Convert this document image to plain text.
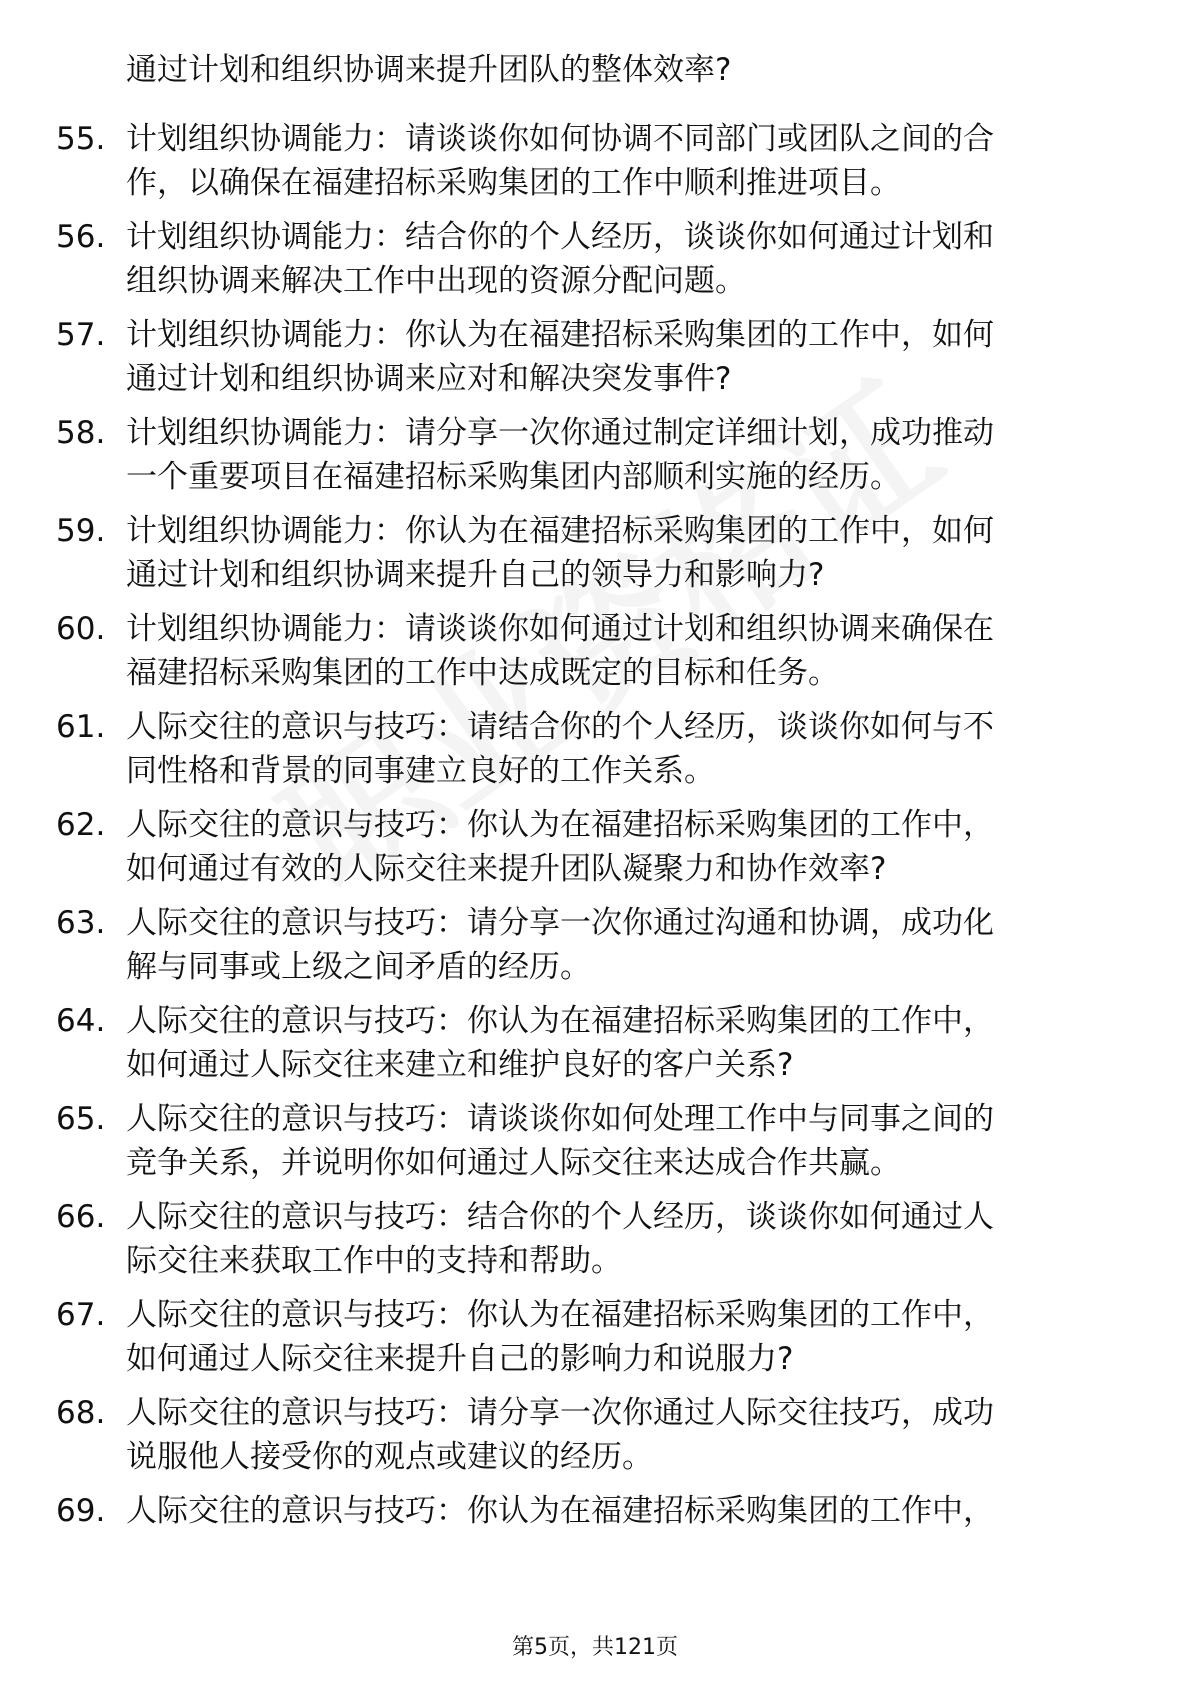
通过计划和组织协调来提升团队的整体效率?
55. 计划组织协调能力：请谈谈你如何协调不同部门或团队之间的合
作，以确保在福建招标采购集团的工作中顺利推进项目。
56. 计划组织协调能力：结合你的个人经历，谈谈你如何通过计划和
组织协调来解决工作中出现的资源分配问题。
57. 计划组织协调能力：你认为在福建招标采购集团的工作中，如何
通过计划和组织协调来应对和解决突发事件?
58. 计划组织协调能力：请分享一次你通过制定详细计划，成功推动
一个重要项目在福建招标采购集团内部顺利实施的经历。
59. 计划组织协调能力：你认为在福建招标采购集团的工作中，如何
通过计划和组织协调来提升自己的领导力和影响力?
60. 计划组织协调能力：请谈谈你如何通过计划和组织协调来确保在
福建招标采购集团的工作中达成既定的目标和任务。
61. 人际交往的意识与技巧：请结合你的个人经历，谈谈你如何与不
同性格和背景的同事建立良好的工作关系。
62. 人际交往的意识与技巧：你认为在福建招标采购集团的工作中，
如何通过有效的人际交往来提升团队凝聚力和协作效率?
63. 人际交往的意识与技巧：请分享一次你通过沟通和协调，成功化
解与同事或上级之间矛盾的经历。
64. 人际交往的意识与技巧：你认为在福建招标采购集团的工作中，
如何通过人际交往来建立和维护良好的客户关系?
65. 人际交往的意识与技巧：请谈谈你如何处理工作中与同事之间的
竞争关系，并说明你如何通过人际交往来达成合作共赢。
66. 人际交往的意识与技巧：结合你的个人经历，谈谈你如何通过人
际交往来获取工作中的支持和帮助。
67. 人际交往的意识与技巧：你认为在福建招标采购集团的工作中，
如何通过人际交往来提升自己的影响力和说服力?
68. 人际交往的意识与技巧：请分享一次你通过人际交往技巧，成功
说服他人接受你的观点或建议的经历。
69. 人际交往的意识与技巧：你认为在福建招标采购集团的工作中，
第5页，共121页
